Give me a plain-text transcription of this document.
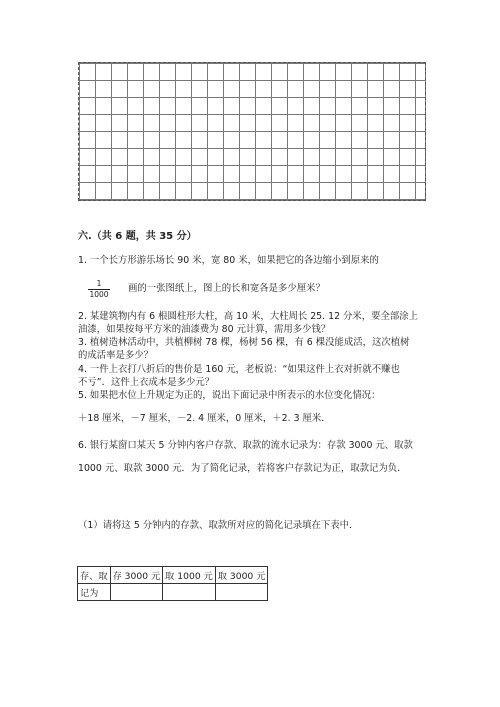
六.（共 6 题，共 35 分）
1. 一个长方形游乐场长 90 米，宽 80 米，如果把它的各边缩小到原来的
$\frac{1}{1000}$ 画的一张图纸上，图上的长和宽各是多少厘米？
2. 某建筑物内有 6 根圆柱形大柱，高 10 米，大柱周长 25. 12 分米，要全部涂上
油漆，如果按每平方米的油漆费为 80 元计算，需用多少钱？
3. 植树造林活动中，共植柳树 78 棵，杨树 56 棵，有 6 棵没能成活，这次植树
的成活率是多少？
4. 一件上衣打八折后的售价是 160 元，老板说：“如果这件上衣对折就不赚也
不亏”．这件上衣成本是多少元？
5. 如果把水位上升规定为正的，说出下面记录中所表示的水位变化情况：
＋18 厘米，－7 厘米，－2. 4 厘米，0 厘米，＋2. 3 厘米．
6. 银行某窗口某天 5 分钟内客户存款、取款的流水记录为：存款 3000 元、取款
1000 元、取款 3000 元．为了简化记录，若将客户存款记为正，取款记为负．
（1）请将这 5 分钟内的存款、取款所对应的简化记录填在下表中．
存、取	存 3000 元	取 1000 元	取 3000 元
记为			
